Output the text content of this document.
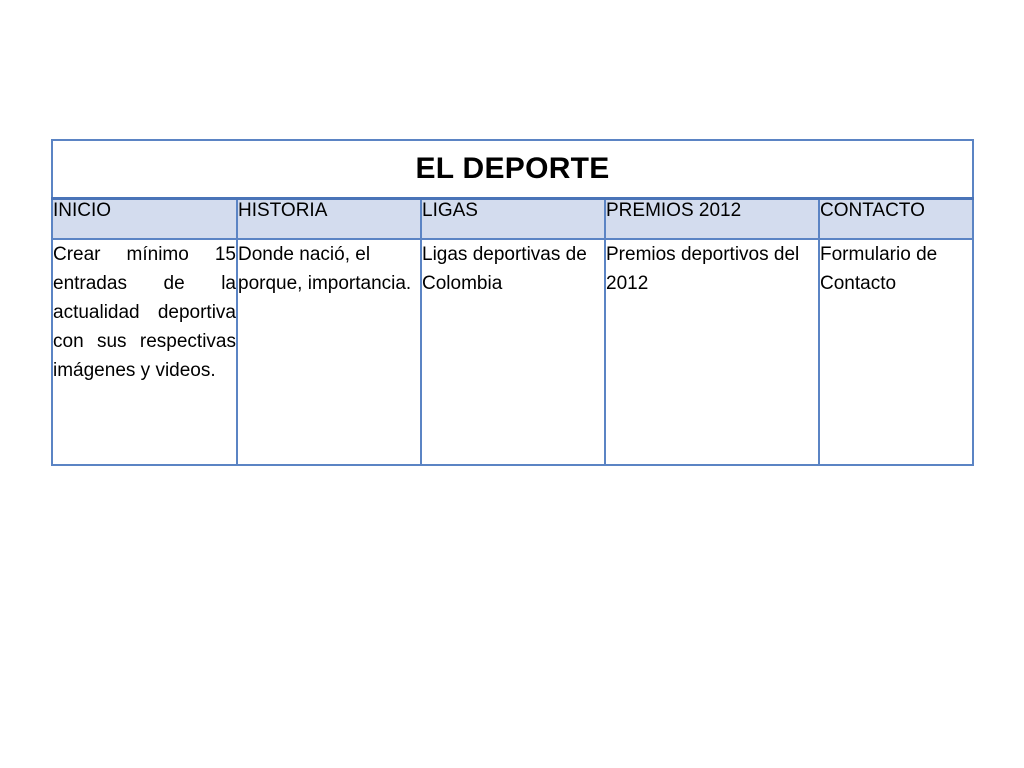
EL DEPORTE				
INICIO	HISTORIA	LIGAS	PREMIOS 2012	CONTACTO
Crear mínimo 15 entradas de la actualidad deportiva con sus respectivas imágenes y videos.	Donde nació, el porque, importancia.	Ligas deportivas de Colombia	Premios deportivos del 2012	Formulario de Contacto
